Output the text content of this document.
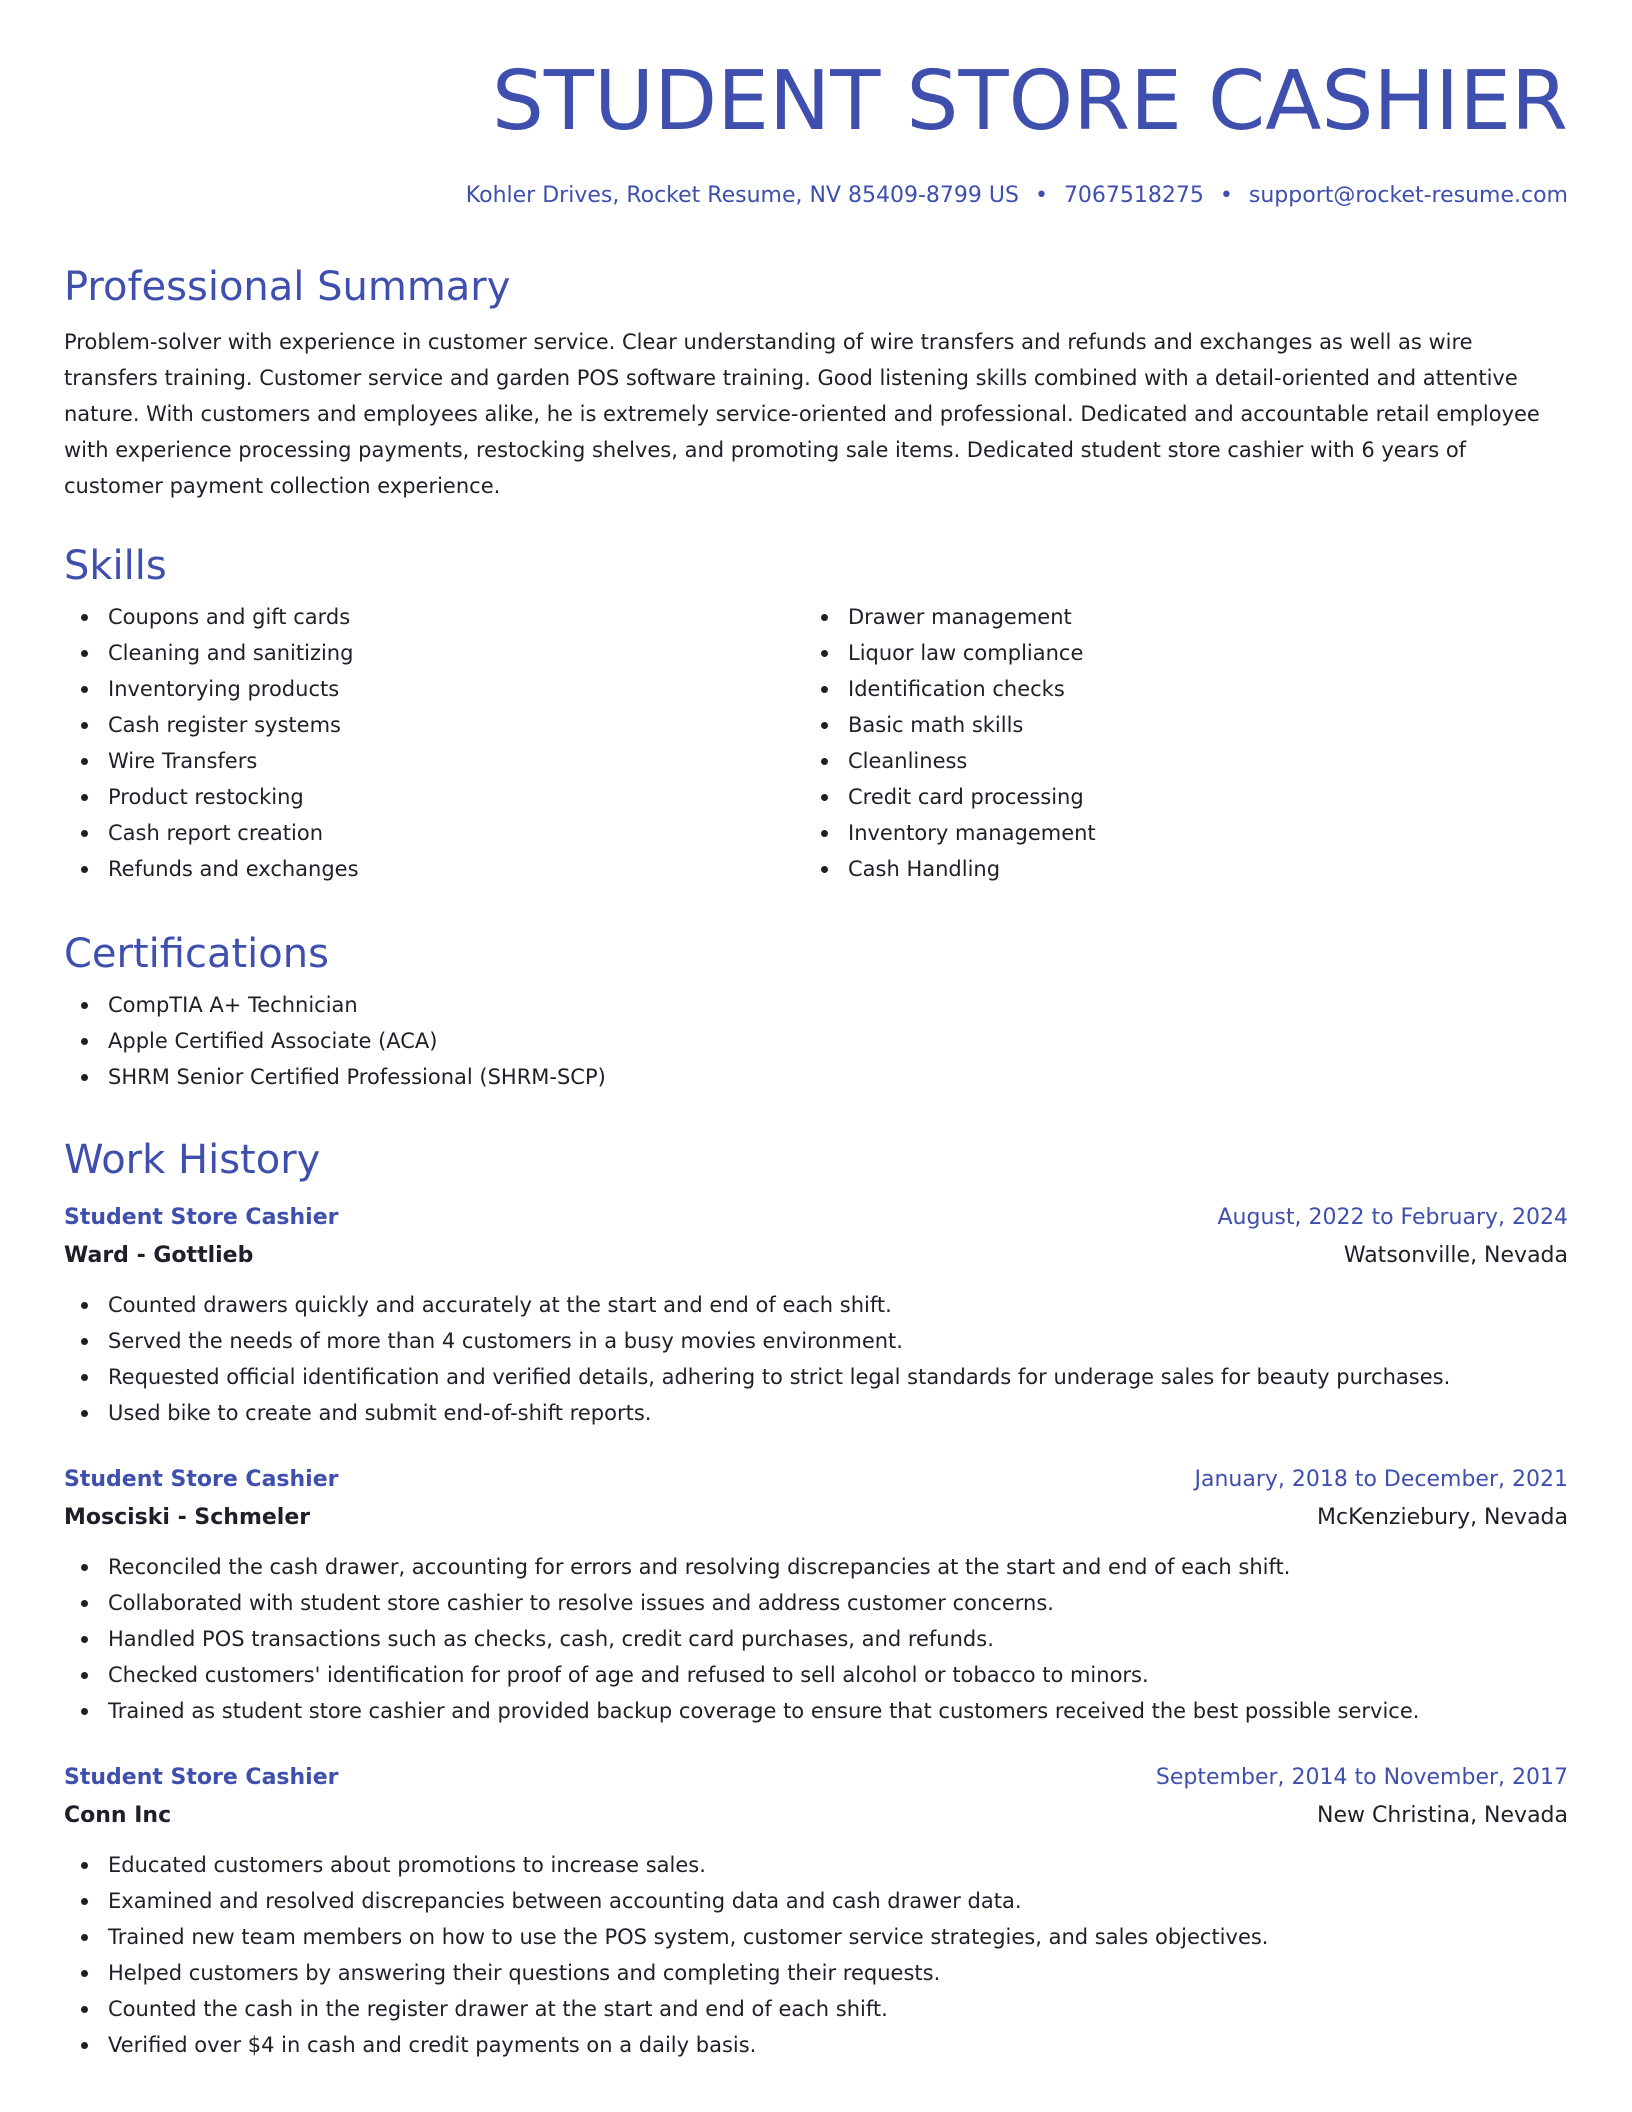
STUDENT STORE CASHIER
Kohler Drives, Rocket Resume, NV 85409-8799 US • 7067518275 • support@rocket-resume.com
Professional Summary

Problem-solver with experience in customer service. Clear understanding of wire transfers and refunds and exchanges as well as wire transfers training. Customer service and garden POS software training. Good listening skills combined with a detail-oriented and attentive nature. With customers and employees alike, he is extremely service-oriented and professional. Dedicated and accountable retail employee with experience processing payments, restocking shelves, and promoting sale items. Dedicated student store cashier with 6 years of customer payment collection experience.

Skills
Coupons and gift cards
Cleaning and sanitizing
Inventorying products
Cash register systems
Wire Transfers
Product restocking
Cash report creation
Refunds and exchanges
Drawer management
Liquor law compliance
Identification checks
Basic math skills
Cleanliness
Credit card processing
Inventory management
Cash Handling
Certifications
CompTIA A+ Technician
Apple Certified Associate (ACA)
SHRM Senior Certified Professional (SHRM-SCP)
Work History
Student Store Cashier	August, 2022 to February, 2024
Ward - Gottlieb	Watsonville, Nevada
Counted drawers quickly and accurately at the start and end of each shift.
Served the needs of more than 4 customers in a busy movies environment.
Requested official identification and verified details, adhering to strict legal standards for underage sales for beauty purchases.
Used bike to create and submit end-of-shift reports.
Student Store Cashier	January, 2018 to December, 2021
Mosciski - Schmeler	McKenziebury, Nevada
Reconciled the cash drawer, accounting for errors and resolving discrepancies at the start and end of each shift.
Collaborated with student store cashier to resolve issues and address customer concerns.
Handled POS transactions such as checks, cash, credit card purchases, and refunds.
Checked customers' identification for proof of age and refused to sell alcohol or tobacco to minors.
Trained as student store cashier and provided backup coverage to ensure that customers received the best possible service.
Student Store Cashier	September, 2014 to November, 2017
Conn Inc	New Christina, Nevada
Educated customers about promotions to increase sales.
Examined and resolved discrepancies between accounting data and cash drawer data.
Trained new team members on how to use the POS system, customer service strategies, and sales objectives.
Helped customers by answering their questions and completing their requests.
Counted the cash in the register drawer at the start and end of each shift.
Verified over $4 in cash and credit payments on a daily basis.
